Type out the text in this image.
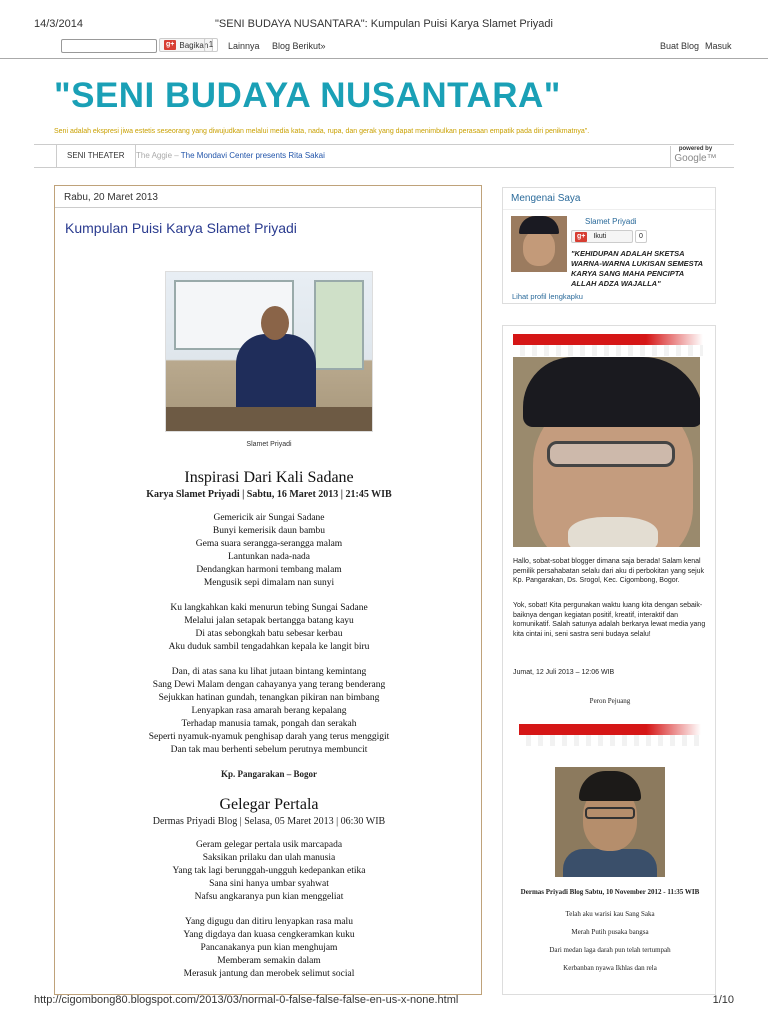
14/3/2014	"SENI BUDAYA NUSANTARA": Kumpulan Puisi Karya Slamet Priyadi
g+ Bagikan 1	Lainnya Blog Berikut»	Buat Blog Masuk
"SENI BUDAYA NUSANTARA"
Seni adalah ekspresi jiwa estetis seseorang yang diwujudkan melalui media kata, nada, rupa, dan gerak yang dapat menimbulkan perasaan empatik pada diri penikmatnya".
SENI THEATER	The Aggie – The Mondavi Center presents Rita Sakai
powered by
Google™
Rabu, 20 Maret 2013
Kumpulan Puisi Karya Slamet Priyadi
Slamet Priyadi
Inspirasi Dari Kali Sadane
Karya Slamet Priyadi | Sabtu, 16 Maret 2013 | 21:45 WIB
Gemericik air Sungai Sadane
Bunyi kemerisik daun bambu
Gema suara serangga-serangga malam
Lantunkan nada-nada
Dendangkan harmoni tembang malam
Mengusik sepi dimalam nan sunyi
Ku langkahkan kaki menurun tebing Sungai Sadane
Melalui jalan setapak bertangga batang kayu
Di atas sebongkah batu sebesar kerbau
Aku duduk sambil tengadahkan kepala ke langit biru
Dan, di atas sana ku lihat jutaan bintang kemintang
Sang Dewi Malam dengan cahayanya yang terang benderang
Sejukkan hatinan gundah, tenangkan pikiran nan bimbang
Lenyapkan rasa amarah berang kepalang
Terhadap manusia tamak, pongah dan serakah
Seperti nyamuk-nyamuk penghisap darah yang terus menggigit
Dan tak mau berhenti sebelum perutnya membuncit
Kp. Pangarakan – Bogor
Gelegar Pertala
Dermas Priyadi Blog | Selasa, 05 Maret 2013 | 06:30 WIB
Geram gelegar pertala usik marcapada
Saksikan prilaku dan ulah manusia
Yang tak lagi berunggah-ungguh kedepankan etika
Sana sini hanya umbar syahwat
Nafsu angkaranya pun kian menggeliat
Yang digugu dan ditiru lenyapkan rasa malu
Yang digdaya dan kuasa cengkeramkan kuku
Pancanakanya pun kian menghujam
Memberam semakin dalam
Merasuk jantung dan merobek selimut social
Mengenai Saya
Slamet Priyadi
g+ Ikuti	0
"KEHIDUPAN ADALAH SKETSA WARNA-WARNA LUKISAN SEMESTA KARYA SANG MAHA PENCIPTA ALLAH ADZA WAJALLA"
Lihat profil lengkapku
Hallo, sobat-sobat blogger dimana saja berada! Salam kenal pemilik persahabatan selalu dari aku di perbokitan yang sejuk Kp. Pangarakan, Ds. Srogol, Kec. Cigombong, Bogor.
Yok, sobat! Kita pergunakan waktu luang kita dengan sebaik-baiknya dengan kegiatan positif, kreatif, interaktif dan komunikatif. Salah satunya adalah berkarya lewat media yang kita cintai ini, seni sastra seni budaya selalu!
Jumat, 12 Juli 2013 – 12:06 WIB
Peron Pejuang
Dermas Priyadi Blog Sabtu, 10 November 2012 - 11:35 WIB
Telah aku warisi kau Sang Saka
Merah Putih pusaka bangsa
Dari medan laga darah pun telah tertumpah
Kerbanban nyawa Ikhlas dan rela
http://cigombong80.blogspot.com/2013/03/normal-0-false-false-false-en-us-x-none.html	1/10
